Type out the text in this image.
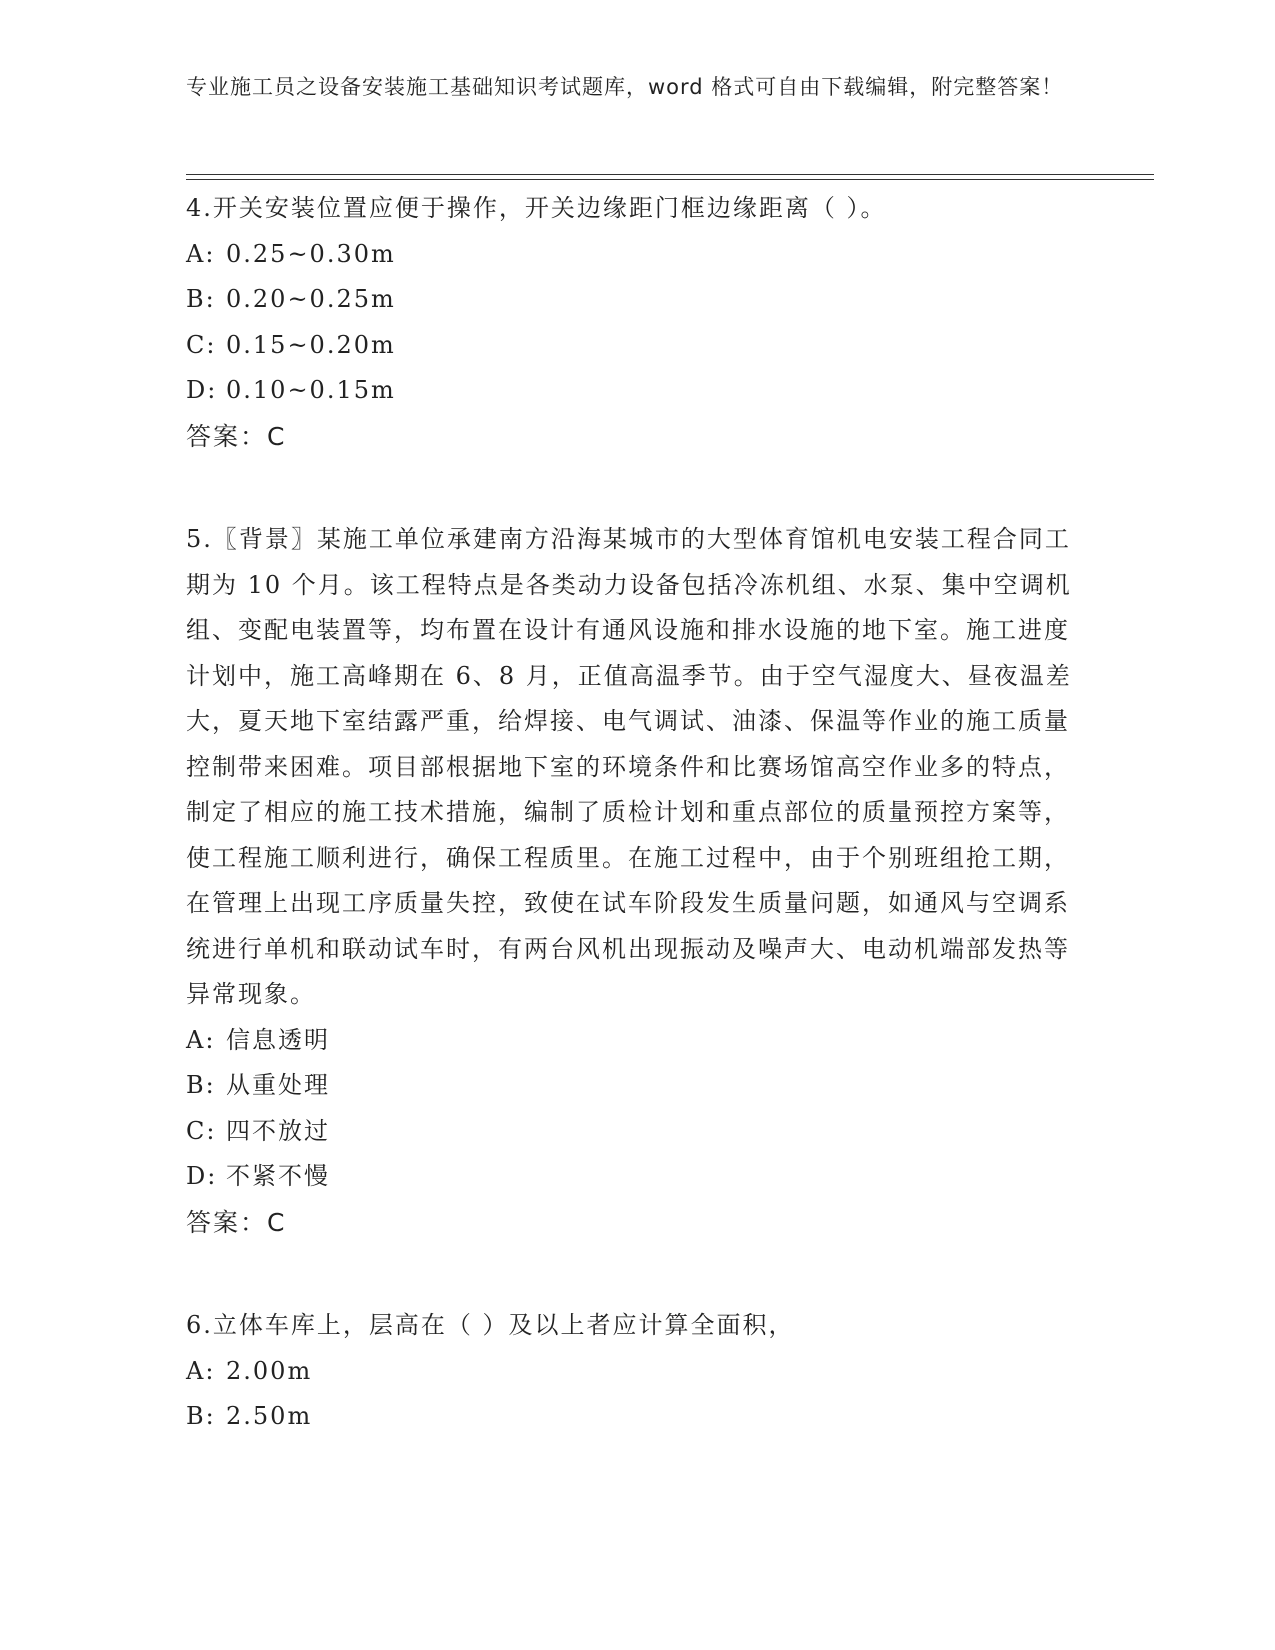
专业施工员之设备安装施工基础知识考试题库，word 格式可自由下载编辑，附完整答案！

4.开关安装位置应便于操作，开关边缘距门框边缘距离（ ）。

A: 0.25~0.30m

B: 0.20~0.25m

C: 0.15~0.20m

D: 0.10~0.15m

答案：C

5.〖背景〗某施工单位承建南方沿海某城市的大型体育馆机电安装工程合同工期为 10 个月。该工程特点是各类动力设备包括冷冻机组、水泵、集中空调机组、变配电装置等，均布置在设计有通风设施和排水设施的地下室。施工进度计划中，施工高峰期在 6、8 月，正值高温季节。由于空气湿度大、昼夜温差大，夏天地下室结露严重，给焊接、电气调试、油漆、保温等作业的施工质量控制带来困难。项目部根据地下室的环境条件和比赛场馆高空作业多的特点，制定了相应的施工技术措施，编制了质检计划和重点部位的质量预控方案等，使工程施工顺利进行，确保工程质里。在施工过程中，由于个别班组抢工期，在管理上出现工序质量失控，致使在试车阶段发生质量问题，如通风与空调系统进行单机和联动试车时，有两台风机出现振动及噪声大、电动机端部发热等异常现象。

A: 信息透明

B: 从重处理

C: 四不放过

D: 不紧不慢

答案：C

6.立体车库上，层高在（ ）及以上者应计算全面积，

A: 2.00m

B: 2.50m
